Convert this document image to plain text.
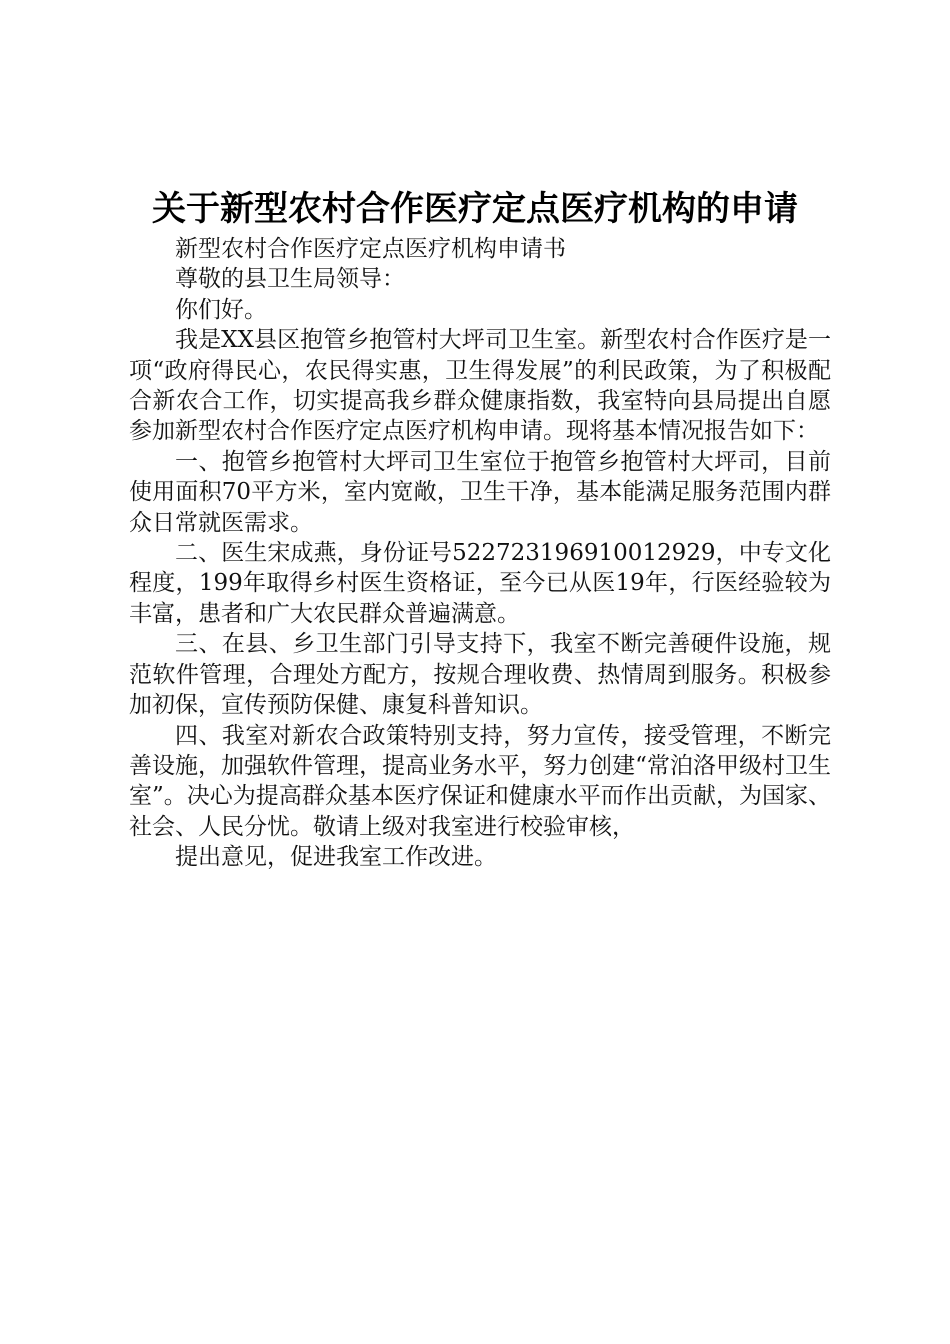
关于新型农村合作医疗定点医疗机构的申请

新型农村合作医疗定点医疗机构申请书

尊敬的县卫生局领导：

你们好。

我是XX县区抱管乡抱管村大坪司卫生室。新型农村合作医疗是一项“政府得民心，农民得实惠，卫生得发展”的利民政策，为了积极配合新农合工作，切实提高我乡群众健康指数，我室特向县局提出自愿参加新型农村合作医疗定点医疗机构申请。现将基本情况报告如下：

一、抱管乡抱管村大坪司卫生室位于抱管乡抱管村大坪司，目前使用面积70平方米，室内宽敞，卫生干净，基本能满足服务范围内群众日常就医需求。

二、医生宋成燕，身份证号522723196910012929，中专文化程度，199年取得乡村医生资格证，至今已从医19年，行医经验较为丰富，患者和广大农民群众普遍满意。

三、在县、乡卫生部门引导支持下，我室不断完善硬件设施，规范软件管理，合理处方配方，按规合理收费、热情周到服务。积极参加初保，宣传预防保健、康复科普知识。

四、我室对新农合政策特别支持，努力宣传，接受管理，不断完善设施，加强软件管理，提高业务水平，努力创建“常泊洛甲级村卫生室”。决心为提高群众基本医疗保证和健康水平而作出贡献，为国家、社会、人民分忧。敬请上级对我室进行校验审核，

提出意见，促进我室工作改进。
